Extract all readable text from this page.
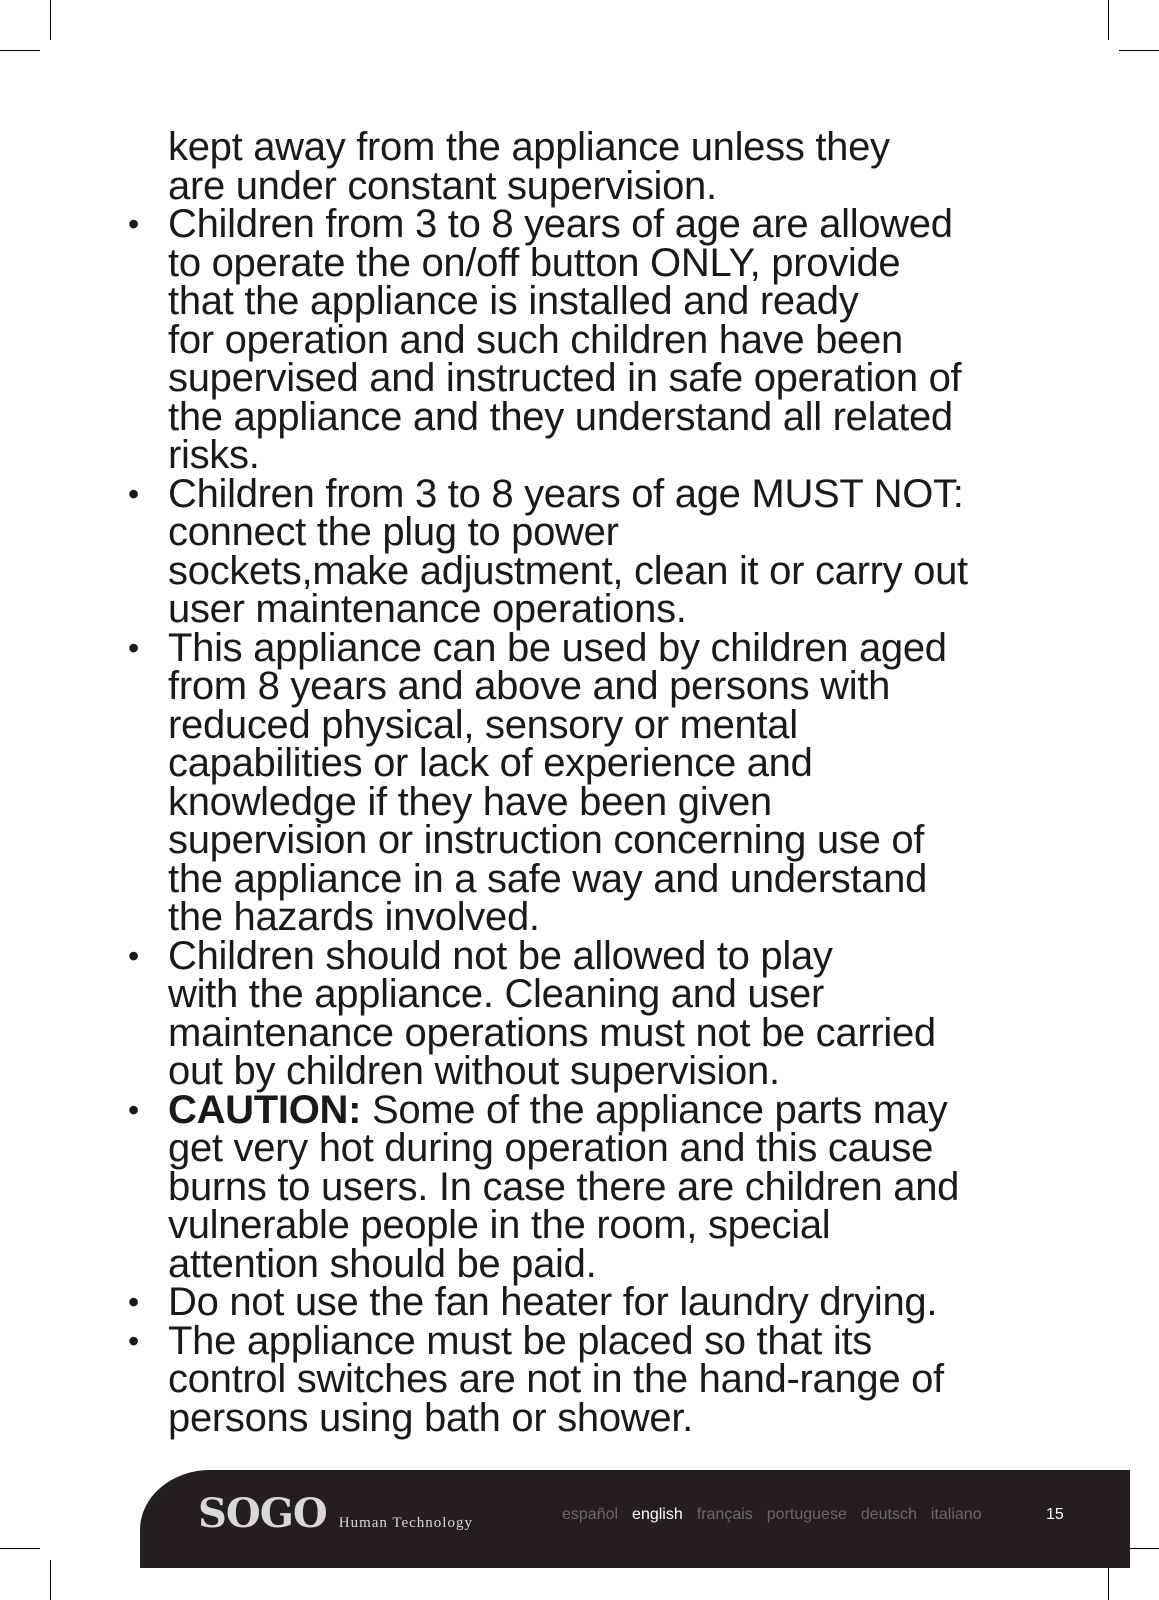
kept away from the appliance unless they
are under constant supervision.

• Children from 3 to 8 years of age are allowed
to operate the on/off button ONLY, provide
that the appliance is installed and ready
for operation and such children have been
supervised and instructed in safe operation of
the appliance and they understand all related
risks.
• Children from 3 to 8 years of age MUST NOT:
connect the plug to power
sockets,make adjustment, clean it or carry out
user maintenance operations.
• This appliance can be used by children aged
from 8 years and above and persons with
reduced physical, sensory or mental
capabilities or lack of experience and
knowledge if they have been given
supervision or instruction concerning use of
the appliance in a safe way and understand
the hazards involved.
• Children should not be allowed to play
with the appliance. Cleaning and user
maintenance operations must not be carried
out by children without supervision.
• CAUTION: Some of the appliance parts may
get very hot during operation and this cause
burns to users. In case there are children and
vulnerable people in the room, special
attention should be paid.
• Do not use the fan heater for laundry drying.
• The appliance must be placed so that its
control switches are not in the hand-range of
persons using bath or shower.
SOGO Human Technology	español english français portuguese deutsch italiano	15
